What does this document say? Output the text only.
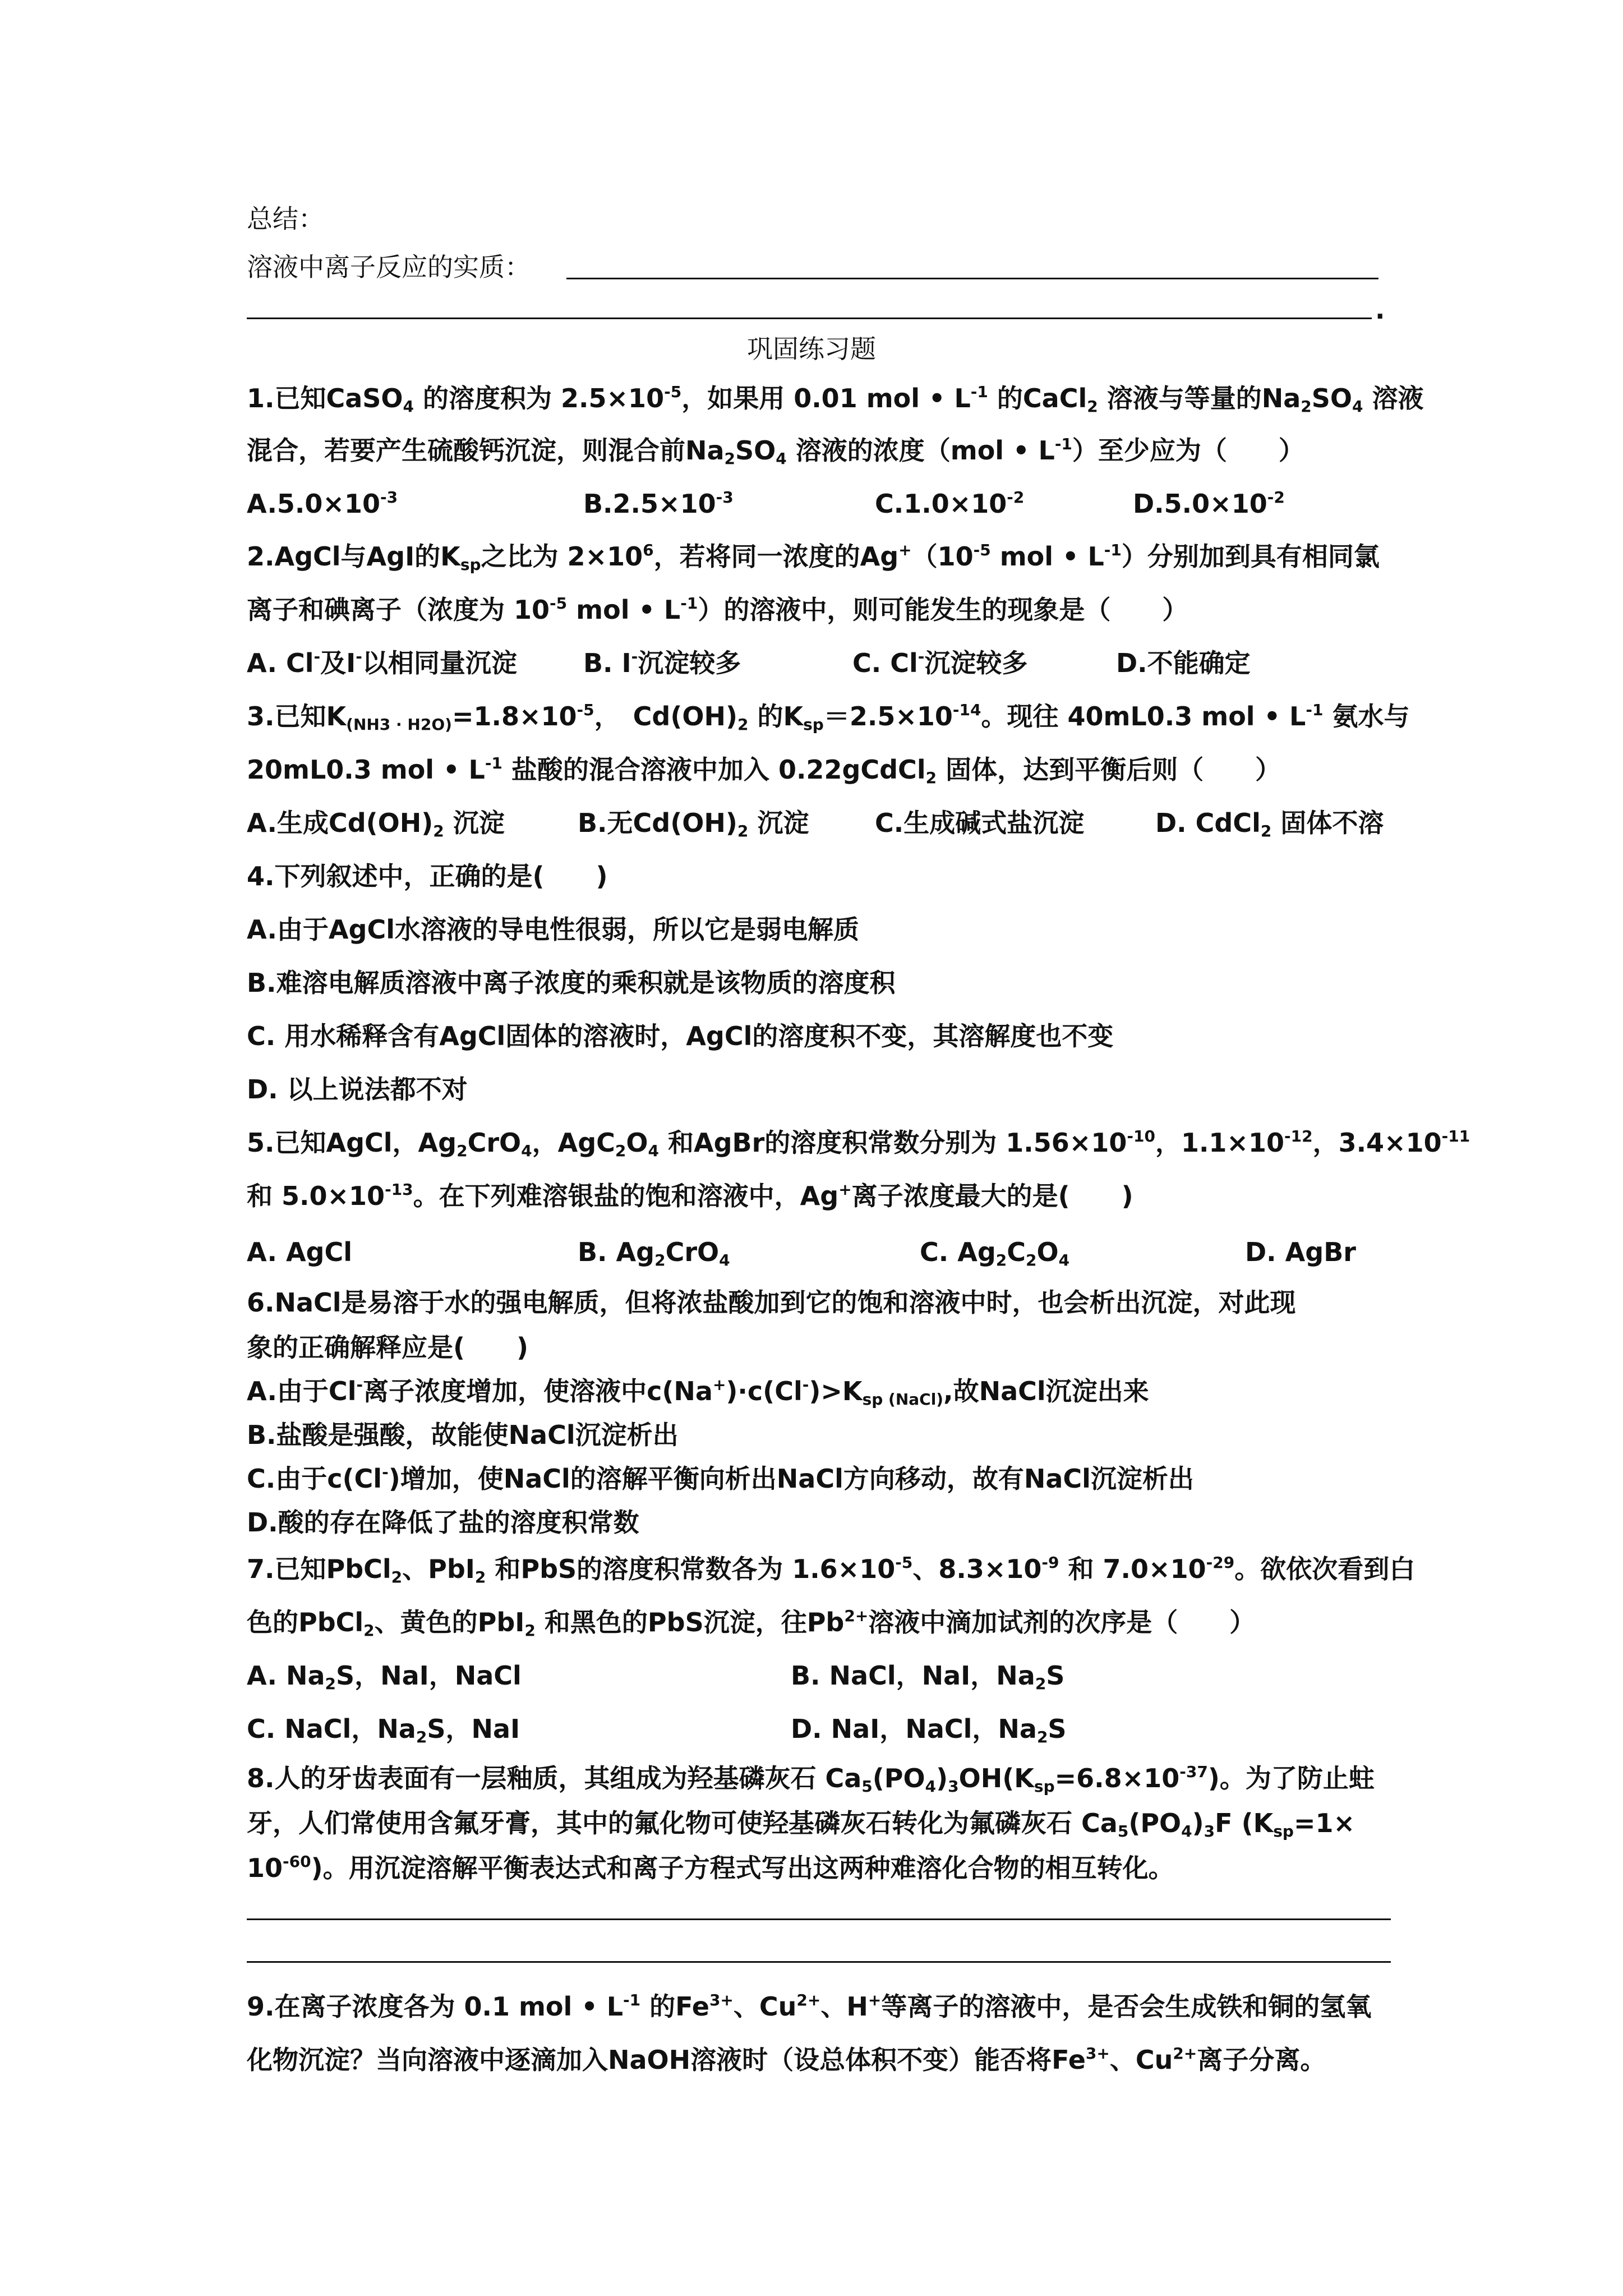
总结：
溶液中离子反应的实质：
.
巩固练习题
1.已知CaSO$_4$ 的溶度积为 $2.5\times 10^{-5}$，如果用 0.01 mol • $L^{-1}$ 的CaCl$_2$ 溶液与等量的$Na_2SO_4$ 溶液
混合，若要产生硫酸钙沉淀，则混合前$Na_2SO_4$ 溶液的浓度（mol • $L^{-1}$）至少应为（　　）
$A.5.0\times 10^{-3}$	$B.2.5\times 10^{-3}$	$C.1.0\times 10^{-2}$	$D.5.0\times 10^{-2}$
2.AgCl与AgI的$K_{sp}$之比为 $2\times 10^6$，若将同一浓度的$Ag^+(10^{-5}$ mol • $L^{-1}$）分别加到具有相同氯
离子和碘离子（浓度为 $10^{-5}$ mol • $L^{-1}$）的溶液中，则可能发生的现象是（　　）
A. Cl-及I-以相同量沉淀	B. I-沉淀较多	C. Cl-沉淀较多	D.不能确定
3.已知$K_{(NH3 \cdot H2O)}=1.8\times 10^{-5}$，　$Cd(OH)_2$ 的$K_{sp}=2.5\times 10^{-14}$。现往 40mL0.3 mol • $L^{-1}$ 氨水与
20mL0.3 mol • $L^{-1}$ 盐酸的混合溶液中加入 0.22gCdCl$_2$ 固体，达到平衡后则（　　）
A.生成$Cd(OH)_2$ 沉淀	B.无$Cd(OH)_2$ 沉淀	C.生成碱式盐沉淀	D. CdCl$_2$ 固体不溶
4.下列叙述中，正确的是(　　)
A.由于AgCl水溶液的导电性很弱，所以它是弱电解质
B.难溶电解质溶液中离子浓度的乘积就是该物质的溶度积
C. 用水稀释含有AgCl固体的溶液时，AgCl的溶度积不变，其溶解度也不变
D. 以上说法都不对
5.已知AgCl，$Ag_2CrO_4$，$AgC_2O_4$ 和AgBr的溶度积常数分别为 $1.56\times 10^{-10}$，$1.1\times 10^{-12}$，$3.4\times 10^{-11}$
和 $5.0\times 10^{-13}$。在下列难溶银盐的饱和溶液中，Ag+离子浓度最大的是(　　)
A. AgCl	B. $Ag_2CrO_4$	C. $Ag_2C_2O_4$	D. AgBr
6.NaCl是易溶于水的强电解质，但将浓盐酸加到它的饱和溶液中时，也会析出沉淀，对此现
象的正确解释应是(　　)
A.由于Cl-离子浓度增加，使溶液中$c(Na^+)\cdot c(Cl^-)>K_{sp (NaCl)}$,故NaCl沉淀出来
B.盐酸是强酸，故能使NaCl沉淀析出
C.由于c(Cl-)增加，使NaCl的溶解平衡向析出NaCl方向移动，故有NaCl沉淀析出
D.酸的存在降低了盐的溶度积常数
7.已知PbCl$_2$、PbI$_2$ 和PbS的溶度积常数各为 $1.6\times 10^{-5}$、$8.3\times 10^{-9}$ 和 $7.0\times 10^{-29}$。欲依次看到白
色的PbCl$_2$、黄色的PbI$_2$ 和黑色的PbS沉淀，往$Pb^{2+}$溶液中滴加试剂的次序是（　　）
A. $Na_2S$，NaI，NaCl	B. NaCl，NaI，$Na_2S$
C. NaCl，$Na_2S$，NaI	D. NaI，NaCl，$Na_2S$
8.人的牙齿表面有一层釉质，其组成为羟基磷灰石 $Ca_5(PO_4)_3OH(K_{sp}=6.8\times 10^{-37})$。为了防止蛀
牙，人们常使用含氟牙膏，其中的氟化物可使羟基磷灰石转化为氟磷灰石 $Ca_5(PO_4)_3F$ ($K_{sp}=1\times$
$10^{-60}$)。用沉淀溶解平衡表达式和离子方程式写出这两种难溶化合物的相互转化。
9.在离子浓度各为 0.1 mol • $L^{-1}$ 的$Fe^{3+}$、$Cu^{2+}$、H+等离子的溶液中，是否会生成铁和铜的氢氧
化物沉淀？当向溶液中逐滴加入NaOH溶液时（设总体积不变）能否将$Fe^{3+}$、$Cu^{2+}$离子分离。
